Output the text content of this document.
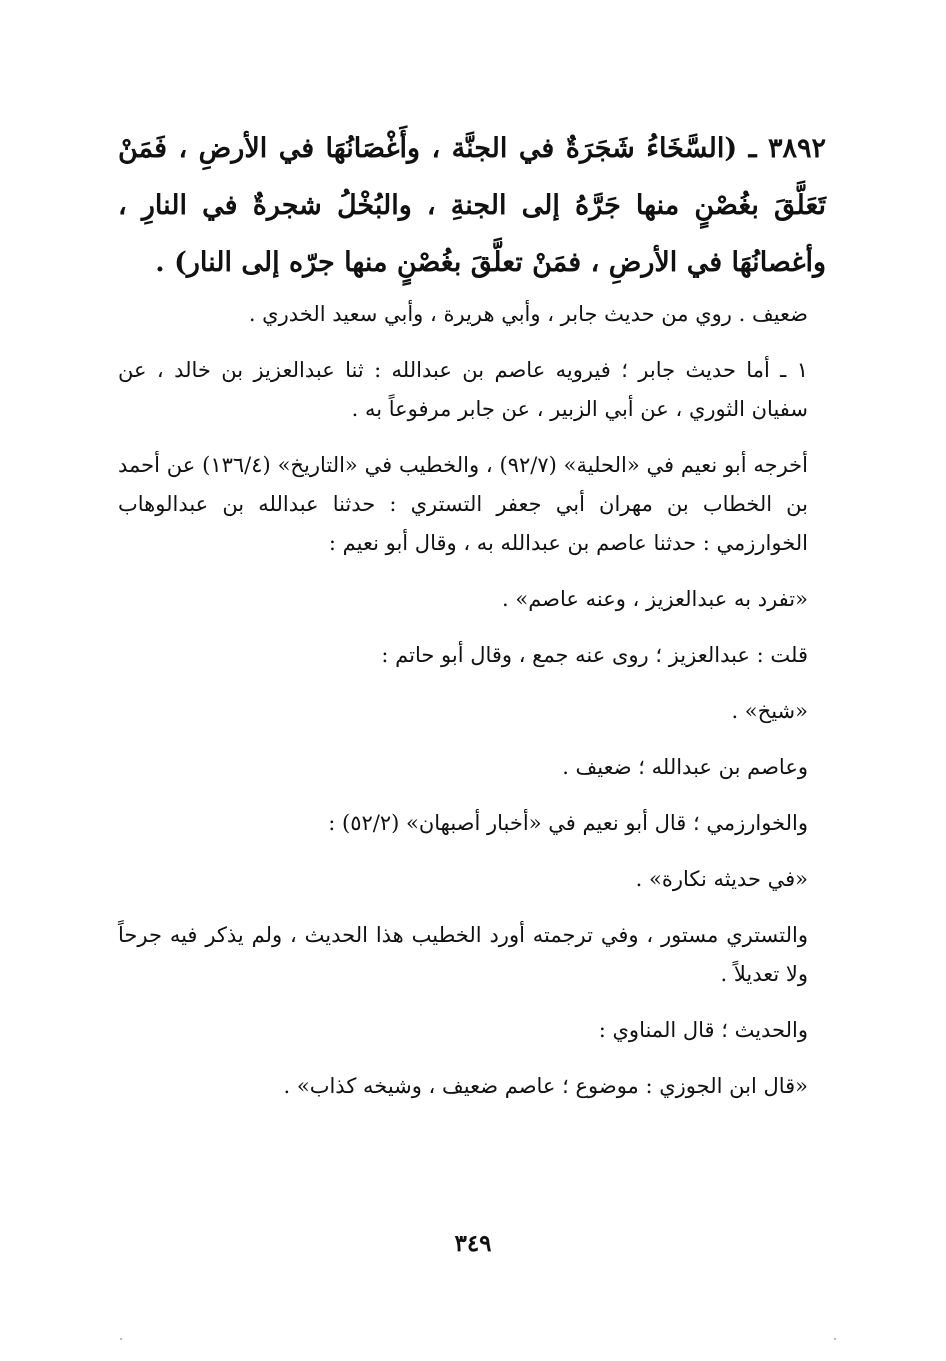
٣٨٩٢ ـ (السَّخَاءُ شَجَرَةٌ في الجنَّة ، وأَغْصَانُهَا في الأرضِ ، فَمَنْ تَعَلَّقَ بغُصْنٍ منها جَرَّهُ إلى الجنةِ ، والبُخْلُ شجرةٌ في النارِ ، وأغصانُهَا في الأرضِ ، فمَنْ تعلَّقَ بغُصْنٍ منها جرّه إلى النار) .

ضعيف . روي من حديث جابر ، وأبي هريرة ، وأبي سعيد الخدري .

١ ـ أما حديث جابر ؛ فيرويه عاصم بن عبدالله : ثنا عبدالعزيز بن خالد ، عن سفيان الثوري ، عن أبي الزبير ، عن جابر مرفوعاً به .

أخرجه أبو نعيم في «الحلية» (٩٢/٧) ، والخطيب في «التاريخ» (١٣٦/٤) عن أحمد بن الخطاب بن مهران أبي جعفر التستري : حدثنا عبدالله بن عبدالوهاب الخوارزمي : حدثنا عاصم بن عبدالله به ، وقال أبو نعيم :

«تفرد به عبدالعزيز ، وعنه عاصم» .

قلت : عبدالعزيز ؛ روى عنه جمع ، وقال أبو حاتم :

«شيخ» .

وعاصم بن عبدالله ؛ ضعيف .

والخوارزمي ؛ قال أبو نعيم في «أخبار أصبهان» (٥٢/٢) :

«في حديثه نكارة» .

والتستري مستور ، وفي ترجمته أورد الخطيب هذا الحديث ، ولم يذكر فيه جرحاً ولا تعديلاً .

والحديث ؛ قال المناوي :

«قال ابن الجوزي : موضوع ؛ عاصم ضعيف ، وشيخه كذاب» .

٣٤٩
